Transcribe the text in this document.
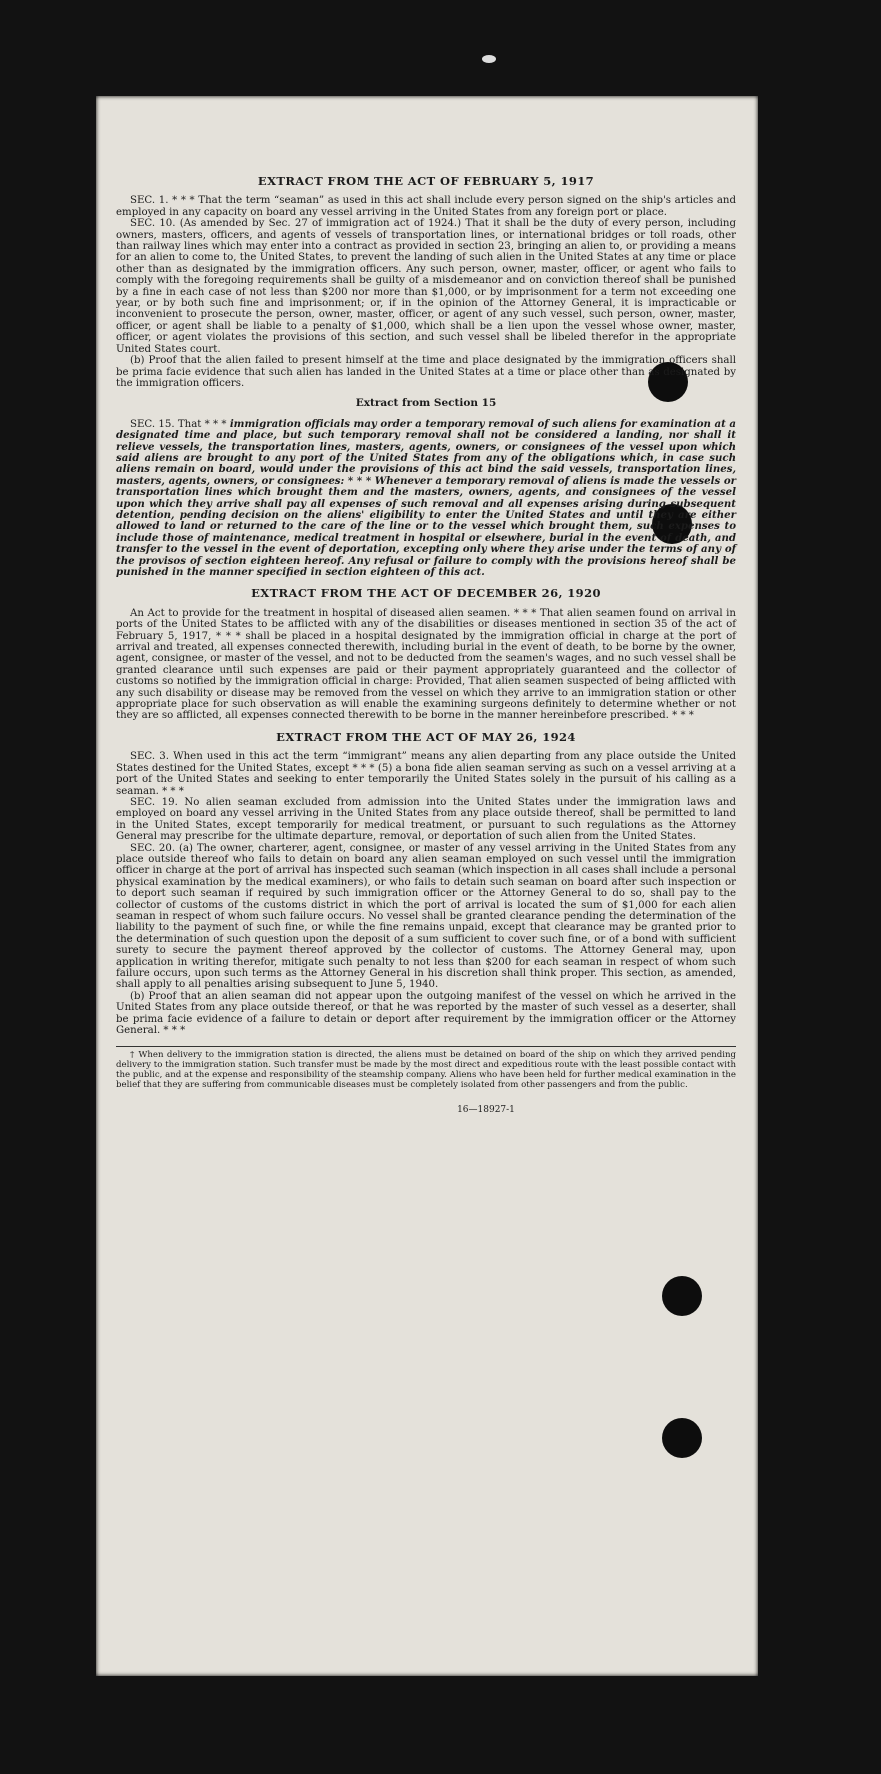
EXTRACT FROM THE ACT OF FEBRUARY 5, 1917

SEC. 1. * * * That the term “seaman” as used in this act shall include every person signed on the ship's articles and employed in any capacity on board any vessel arriving in the United States from any foreign port or place.

SEC. 10. (As amended by Sec. 27 of immigration act of 1924.) That it shall be the duty of every person, including owners, masters, officers, and agents of vessels of transportation lines, or international bridges or toll roads, other than railway lines which may enter into a contract as provided in section 23, bringing an alien to, or providing a means for an alien to come to, the United States, to prevent the landing of such alien in the United States at any time or place other than as designated by the immigration officers. Any such person, owner, master, officer, or agent who fails to comply with the foregoing requirements shall be guilty of a misdemeanor and on conviction thereof shall be punished by a fine in each case of not less than $200 nor more than $1,000, or by imprisonment for a term not exceeding one year, or by both such fine and imprisonment; or, if in the opinion of the Attorney General, it is impracticable or inconvenient to prosecute the person, owner, master, officer, or agent of any such vessel, such person, owner, master, officer, or agent shall be liable to a penalty of $1,000, which shall be a lien upon the vessel whose owner, master, officer, or agent violates the provisions of this section, and such vessel shall be libeled therefor in the appropriate United States court.

(b) Proof that the alien failed to present himself at the time and place designated by the immigration officers shall be prima facie evidence that such alien has landed in the United States at a time or place other than as designated by the immigration officers.

Extract from Section 15

SEC. 15. That * * * immigration officials may order a temporary removal of such aliens for examination at a designated time and place, but such temporary removal shall not be considered a landing, nor shall it relieve vessels, the transportation lines, masters, agents, owners, or consignees of the vessel upon which said aliens are brought to any port of the United States from any of the obligations which, in case such aliens remain on board, would under the provisions of this act bind the said vessels, transportation lines, masters, agents, owners, or consignees: * * * Whenever a temporary removal of aliens is made the vessels or transportation lines which brought them and the masters, owners, agents, and consignees of the vessel upon which they arrive shall pay all expenses of such removal and all expenses arising during subsequent detention, pending decision on the aliens' eligibility to enter the United States and until they are either allowed to land or returned to the care of the line or to the vessel which brought them, such expenses to include those of maintenance, medical treatment in hospital or elsewhere, burial in the event of death, and transfer to the vessel in the event of deportation, excepting only where they arise under the terms of any of the provisos of section eighteen hereof. Any refusal or failure to comply with the provisions hereof shall be punished in the manner specified in section eighteen of this act.

EXTRACT FROM THE ACT OF DECEMBER 26, 1920

An Act to provide for the treatment in hospital of diseased alien seamen. * * * That alien seamen found on arrival in ports of the United States to be afflicted with any of the disabilities or diseases mentioned in section 35 of the act of February 5, 1917, * * * shall be placed in a hospital designated by the immigration official in charge at the port of arrival and treated, all expenses connected therewith, including burial in the event of death, to be borne by the owner, agent, consignee, or master of the vessel, and not to be deducted from the seamen's wages, and no such vessel shall be granted clearance until such expenses are paid or their payment appropriately guaranteed and the collector of customs so notified by the immigration official in charge: Provided, That alien seamen suspected of being afflicted with any such disability or disease may be removed from the vessel on which they arrive to an immigration station or other appropriate place for such observation as will enable the examining surgeons definitely to determine whether or not they are so afflicted, all expenses connected therewith to be borne in the manner hereinbefore prescribed. * * *

EXTRACT FROM THE ACT OF MAY 26, 1924

SEC. 3. When used in this act the term “immigrant” means any alien departing from any place outside the United States destined for the United States, except * * * (5) a bona fide alien seaman serving as such on a vessel arriving at a port of the United States and seeking to enter temporarily the United States solely in the pursuit of his calling as a seaman. * * *

SEC. 19. No alien seaman excluded from admission into the United States under the immigration laws and employed on board any vessel arriving in the United States from any place outside thereof, shall be permitted to land in the United States, except temporarily for medical treatment, or pursuant to such regulations as the Attorney General may prescribe for the ultimate departure, removal, or deportation of such alien from the United States.

SEC. 20. (a) The owner, charterer, agent, consignee, or master of any vessel arriving in the United States from any place outside thereof who fails to detain on board any alien seaman employed on such vessel until the immigration officer in charge at the port of arrival has inspected such seaman (which inspection in all cases shall include a personal physical examination by the medical examiners), or who fails to detain such seaman on board after such inspection or to deport such seaman if required by such immigration officer or the Attorney General to do so, shall pay to the collector of customs of the customs district in which the port of arrival is located the sum of $1,000 for each alien seaman in respect of whom such failure occurs. No vessel shall be granted clearance pending the determination of the liability to the payment of such fine, or while the fine remains unpaid, except that clearance may be granted prior to the determination of such question upon the deposit of a sum sufficient to cover such fine, or of a bond with sufficient surety to secure the payment thereof approved by the collector of customs. The Attorney General may, upon application in writing therefor, mitigate such penalty to not less than $200 for each seaman in respect of whom such failure occurs, upon such terms as the Attorney General in his discretion shall think proper. This section, as amended, shall apply to all penalties arising subsequent to June 5, 1940.

(b) Proof that an alien seaman did not appear upon the outgoing manifest of the vessel on which he arrived in the United States from any place outside thereof, or that he was reported by the master of such vessel as a deserter, shall be prima facie evidence of a failure to detain or deport after requirement by the immigration officer or the Attorney General. * * *

† When delivery to the immigration station is directed, the aliens must be detained on board of the ship on which they arrived pending delivery to the immigration station. Such transfer must be made by the most direct and expeditious route with the least possible contact with the public, and at the expense and responsibility of the steamship company. Aliens who have been held for further medical examination in the belief that they are suffering from communicable diseases must be completely isolated from other passengers and from the public.

16—18927-1
